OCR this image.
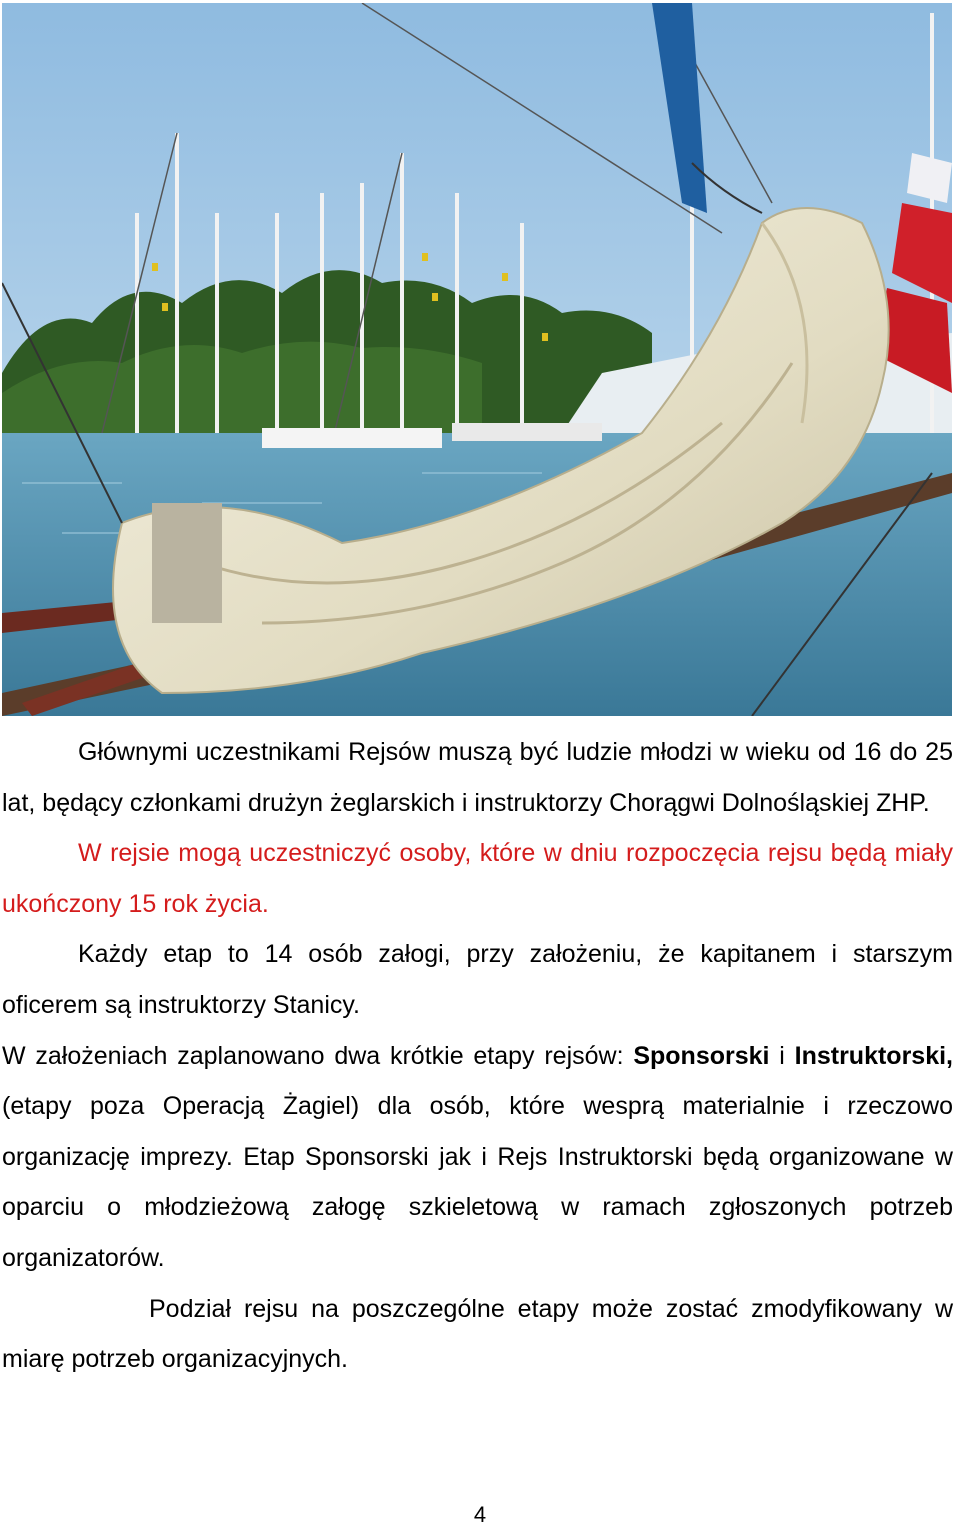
Głównymi uczestnikami Rejsów muszą być ludzie młodzi w wieku od 16 do 25 lat, będący członkami drużyn żeglarskich i instruktorzy Chorągwi Dolnośląskiej ZHP.

W rejsie mogą uczestniczyć osoby, które w dniu rozpoczęcia rejsu będą miały ukończony 15 rok życia.

Każdy etap to 14 osób załogi, przy założeniu, że kapitanem i starszym oficerem są instruktorzy Stanicy.

W założeniach zaplanowano dwa krótkie etapy rejsów: Sponsorski i Instruktorski, (etapy poza Operacją Żagiel) dla osób, które wesprą materialnie i rzeczowo organizację imprezy. Etap Sponsorski jak i Rejs Instruktorski będą organizowane w oparciu o młodzieżową załogę szkieletową w ramach zgłoszonych potrzeb organizatorów.

Podział rejsu na poszczególne etapy może zostać zmodyfikowany w miarę potrzeb organizacyjnych.

4
